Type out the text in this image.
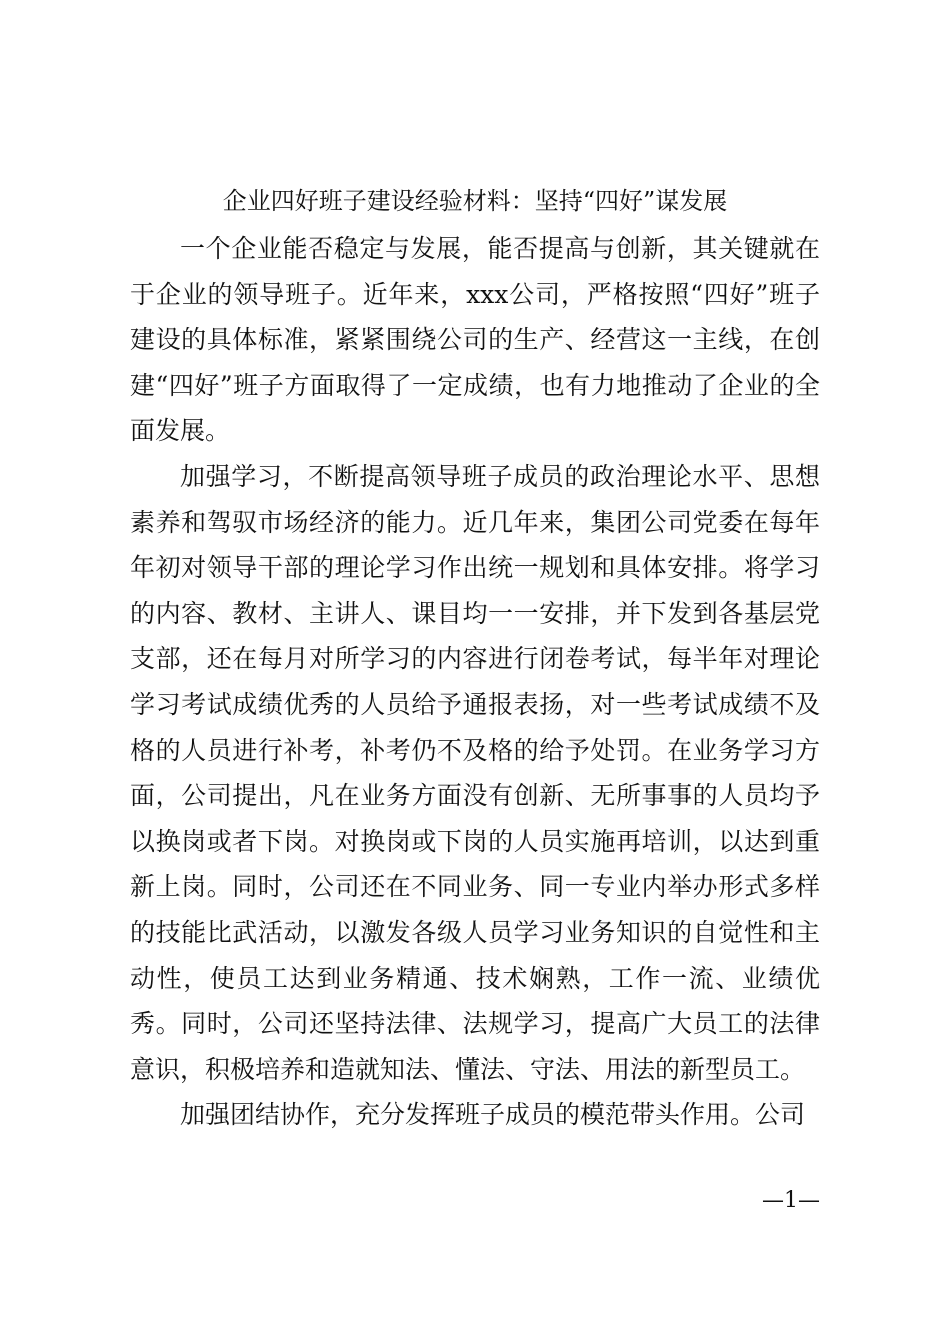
企业四好班子建设经验材料：坚持“四好”谋发展

一个企业能否稳定与发展，能否提高与创新，其关键就在于企业的领导班子。近年来，xxx公司，严格按照“四好”班子建设的具体标准，紧紧围绕公司的生产、经营这一主线，在创建“四好”班子方面取得了一定成绩，也有力地推动了企业的全面发展。

加强学习，不断提高领导班子成员的政治理论水平、思想素养和驾驭市场经济的能力。近几年来，集团公司党委在每年年初对领导干部的理论学习作出统一规划和具体安排。将学习的内容、教材、主讲人、课目均一一安排，并下发到各基层党支部，还在每月对所学习的内容进行闭卷考试，每半年对理论学习考试成绩优秀的人员给予通报表扬，对一些考试成绩不及格的人员进行补考，补考仍不及格的给予处罚。在业务学习方面，公司提出，凡在业务方面没有创新、无所事事的人员均予以换岗或者下岗。对换岗或下岗的人员实施再培训，以达到重新上岗。同时，公司还在不同业务、同一专业内举办形式多样的技能比武活动，以激发各级人员学习业务知识的自觉性和主动性，使员工达到业务精通、技术娴熟，工作一流、业绩优秀。同时，公司还坚持法律、法规学习，提高广大员工的法律意识，积极培养和造就知法、懂法、守法、用法的新型员工。

加强团结协作，充分发挥班子成员的模范带头作用。公司

—1—
